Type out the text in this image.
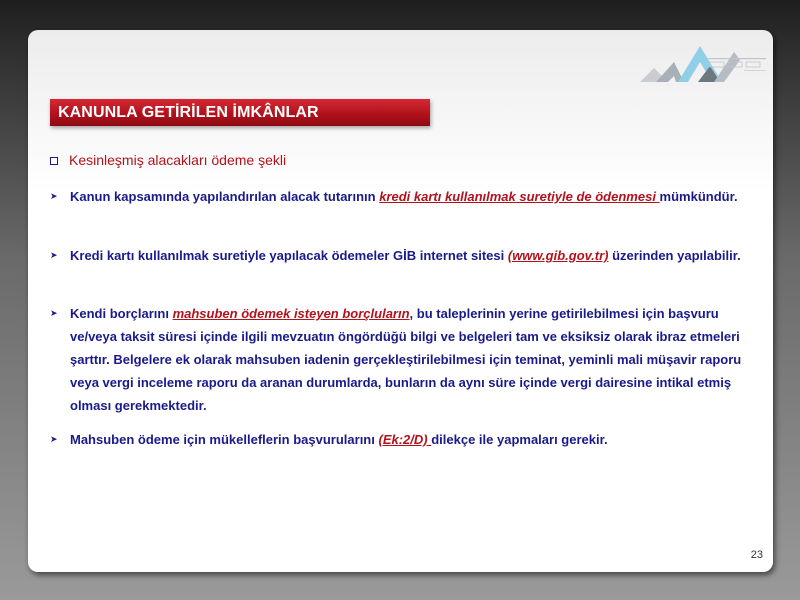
KANUNLA GETİRİLEN İMKÂNLAR
Kesinleşmiş alacakları ödeme şekli
➤ Kanun kapsamında yapılandırılan alacak tutarının kredi kartı kullanılmak suretiyle de ödenmesi mümkündür.
➤ Kredi kartı kullanılmak suretiyle yapılacak ödemeler GİB internet sitesi (www.gib.gov.tr) üzerinden yapılabilir.
➤ Kendi borçlarını mahsuben ödemek isteyen borçluların, bu taleplerinin yerine getirilebilmesi için başvuru ve/veya taksit süresi içinde ilgili mevzuatın öngördüğü bilgi ve belgeleri tam ve eksiksiz olarak ibraz etmeleri şarttır. Belgelere ek olarak mahsuben iadenin gerçekleştirilebilmesi için teminat, yeminli mali müşavir raporu veya vergi inceleme raporu da aranan durumlarda, bunların da aynı süre içinde vergi dairesine intikal etmiş olması gerekmektedir.
➤ Mahsuben ödeme için mükelleflerin başvurularını (Ek:2/D) dilekçe ile yapmaları gerekir.
23
